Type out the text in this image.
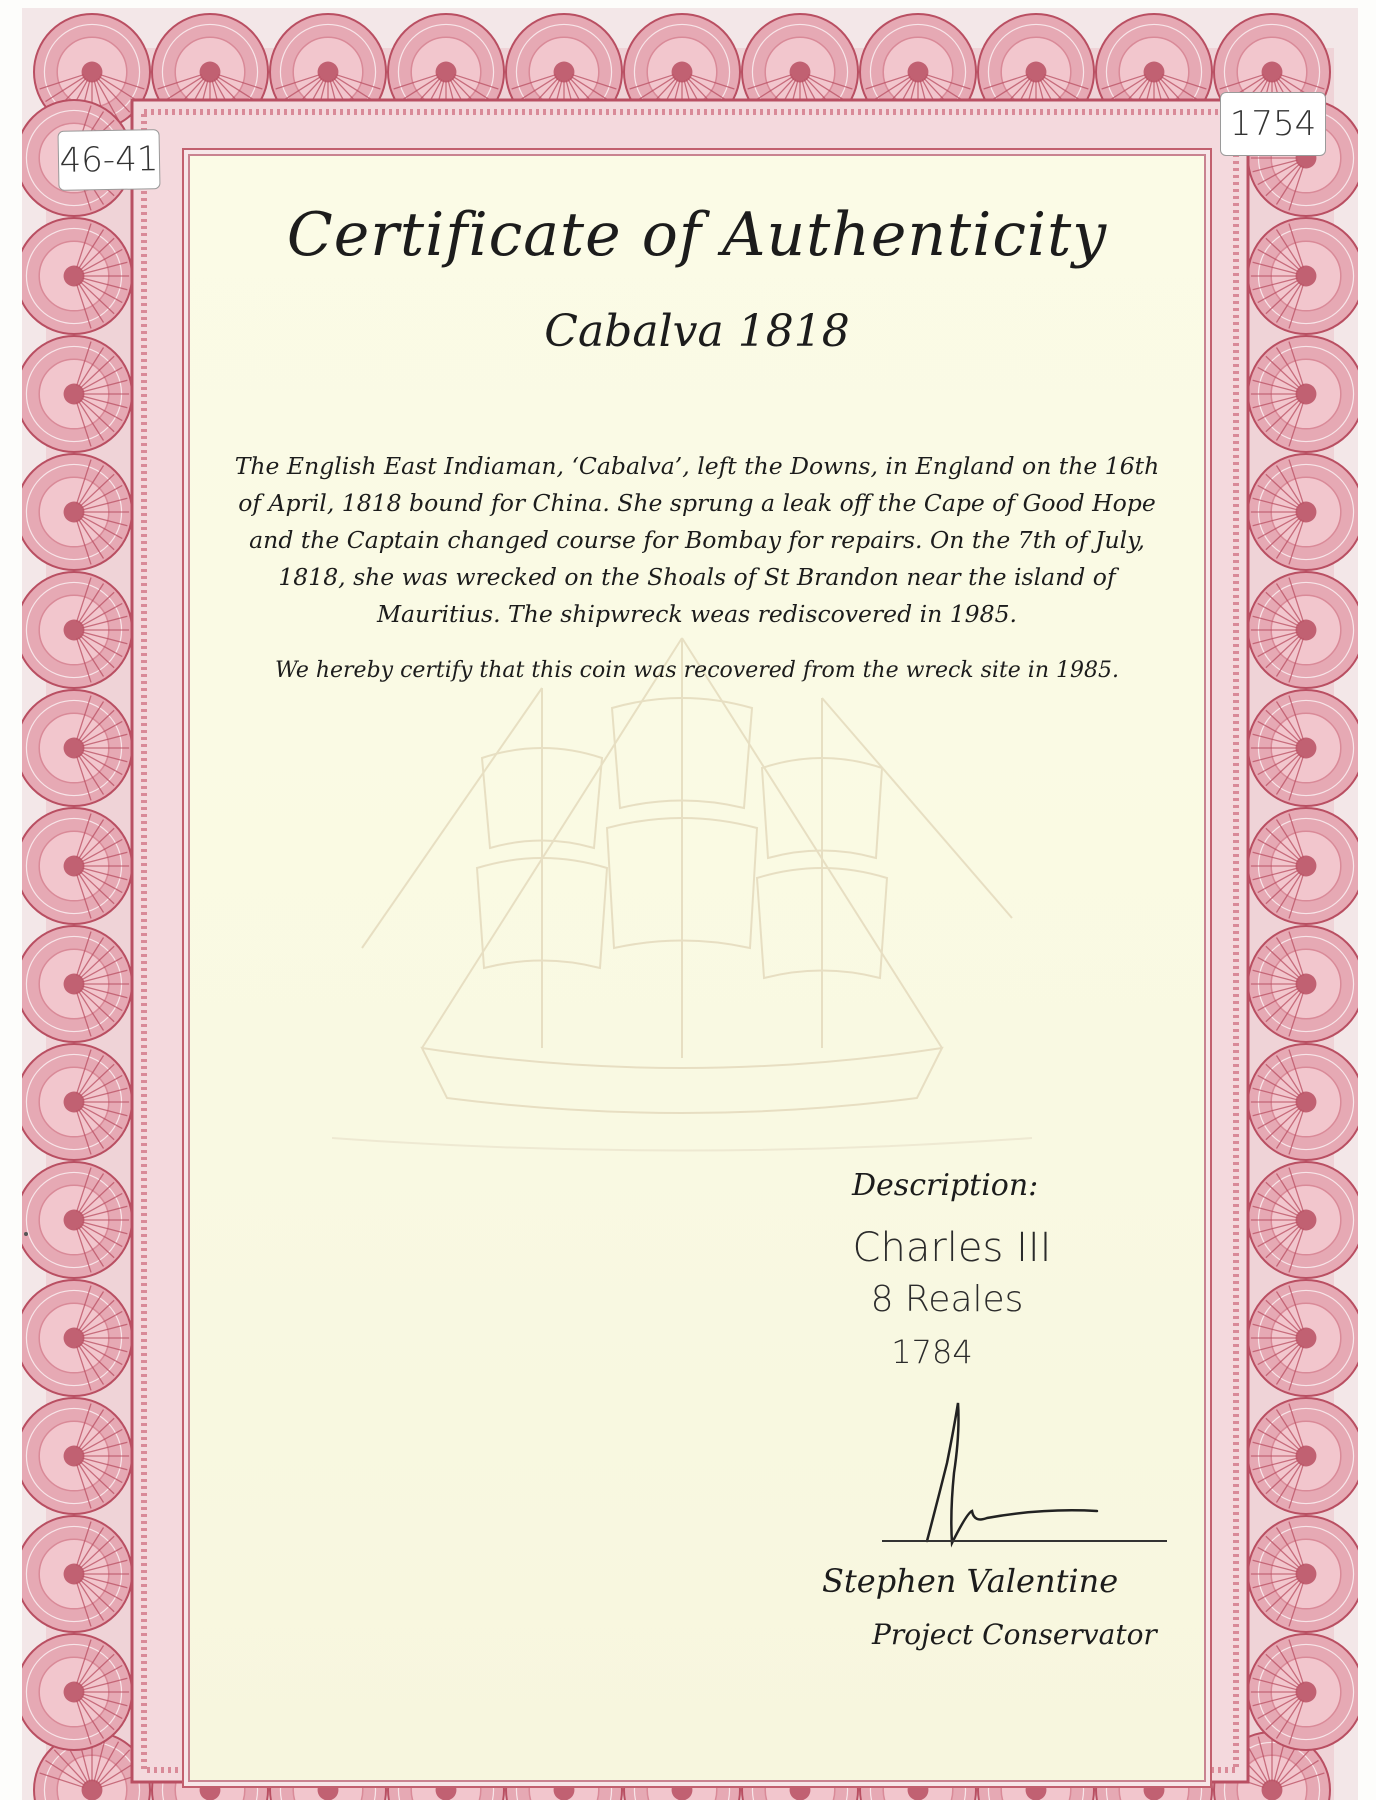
Certificate of Authenticity
Cabalva 1818
The English East Indiaman, ‘Cabalva’, left the Downs, in England on the 16th of April, 1818 bound for China. She sprung a leak off the Cape of Good Hope and the Captain changed course for Bombay for repairs. On the 7th of July, 1818, she was wrecked on the Shoals of St Brandon near the island of Mauritius. The shipwreck weas rediscovered in 1985.
We hereby certify that this coin was recovered from the wreck site in 1985.
Description:
Charles III
8 Reales
1784
Stephen Valentine
Project Conservator
46-41
1754
